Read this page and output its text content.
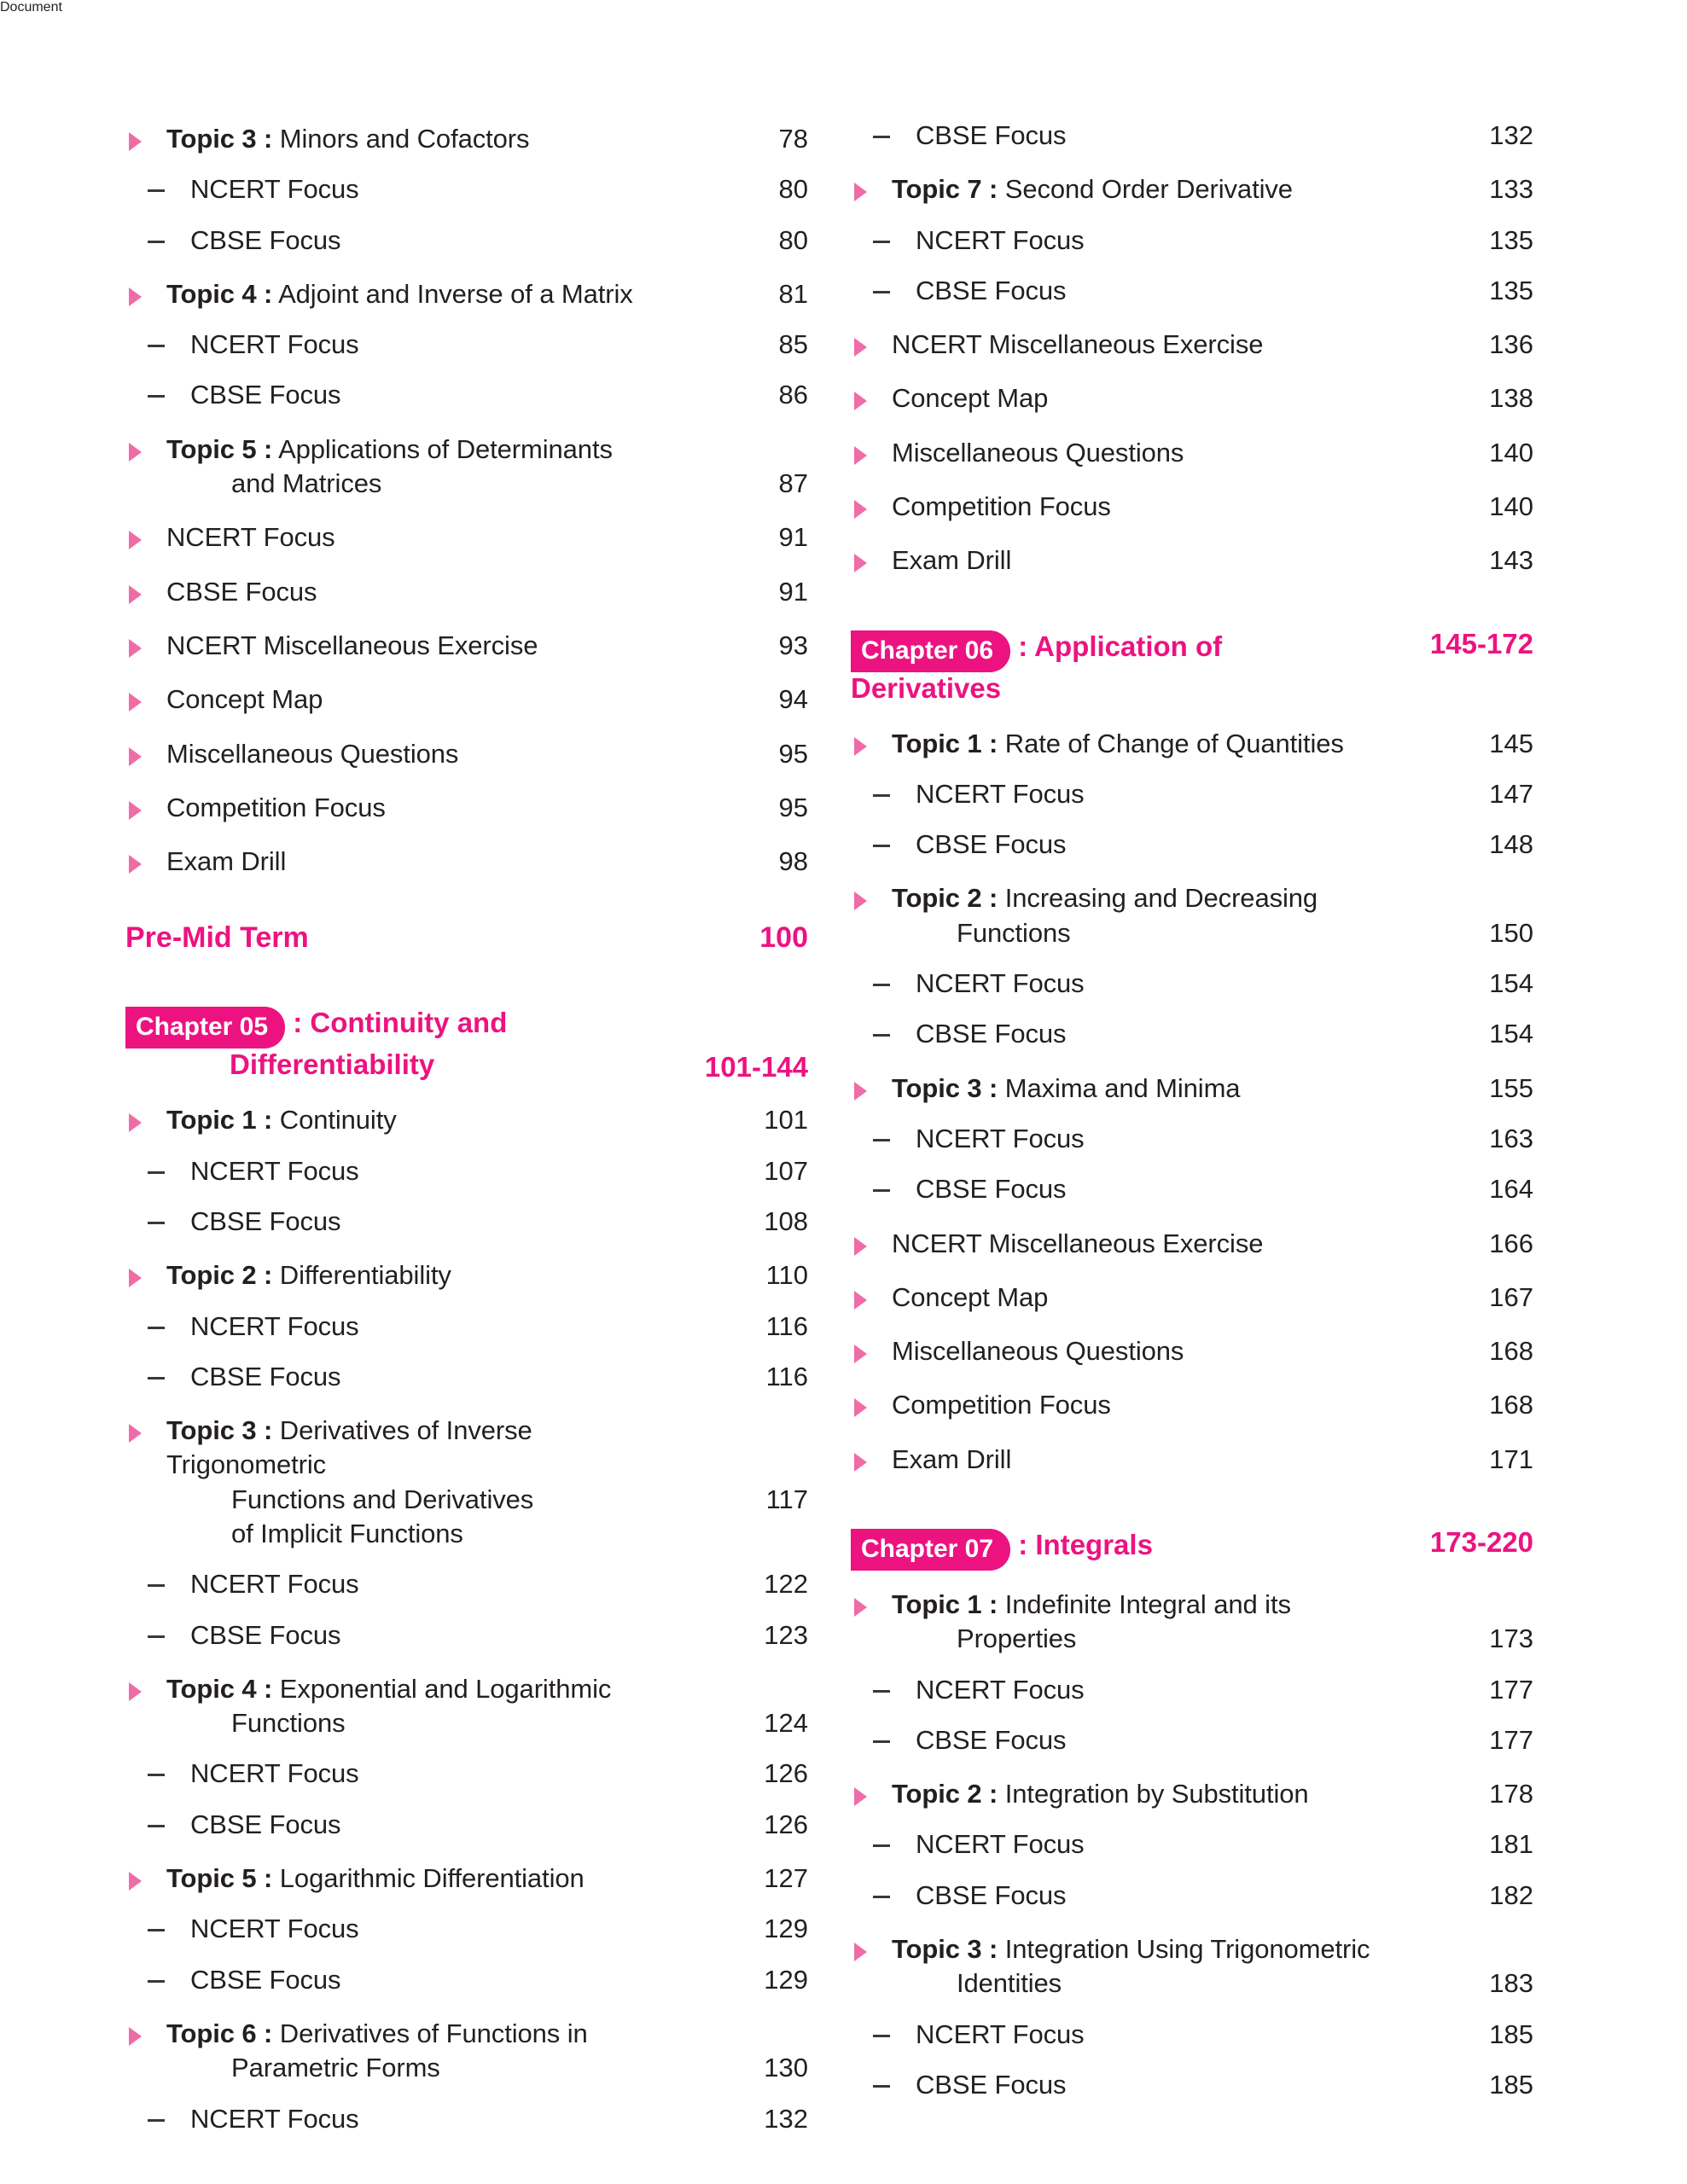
Topic 3 : Minors and Cofactors	78
NCERT Focus	80
CBSE Focus	80
Topic 4 : Adjoint and Inverse of a Matrix	81
NCERT Focus	85
CBSE Focus	86
Topic 5 : Applications of Determinants
and Matrices	87
NCERT Focus	91
CBSE Focus	91
NCERT Miscellaneous Exercise	93
Concept Map	94
Miscellaneous Questions	95
Competition Focus	95
Exam Drill	98
Pre-Mid Term	100
Chapter 05 : Continuity and
Differentiability	101-144
Topic 1 : Continuity	101
NCERT Focus	107
CBSE Focus	108
Topic 2 : Differentiability	110
NCERT Focus	116
CBSE Focus	116
Topic 3 : Derivatives of Inverse Trigonometric
Functions and Derivatives
of Implicit Functions
117
NCERT Focus	122
CBSE Focus	123
Topic 4 : Exponential and Logarithmic
Functions	124
NCERT Focus	126
CBSE Focus	126
Topic 5 : Logarithmic Differentiation	127
NCERT Focus	129
CBSE Focus	129
Topic 6 : Derivatives of Functions in
Parametric Forms	130
NCERT Focus	132
CBSE Focus	132
Topic 7 : Second Order Derivative	133
NCERT Focus	135
CBSE Focus	135
NCERT Miscellaneous Exercise	136
Concept Map	138
Miscellaneous Questions	140
Competition Focus	140
Exam Drill	143
Chapter 06 : Application of Derivatives
145-172
Topic 1 : Rate of Change of Quantities	145
NCERT Focus	147
CBSE Focus	148
Topic 2 : Increasing and Decreasing
Functions	150
NCERT Focus	154
CBSE Focus	154
Topic 3 : Maxima and Minima	155
NCERT Focus	163
CBSE Focus	164
NCERT Miscellaneous Exercise	166
Concept Map	167
Miscellaneous Questions	168
Competition Focus	168
Exam Drill	171
Chapter 07 : Integrals	173-220
Topic 1 : Indefinite Integral and its
Properties	173
NCERT Focus	177
CBSE Focus	177
Topic 2 : Integration by Substitution	178
NCERT Focus	181
CBSE Focus	182
Topic 3 : Integration Using Trigonometric
Identities	183
NCERT Focus	185
CBSE Focus	185
Document
